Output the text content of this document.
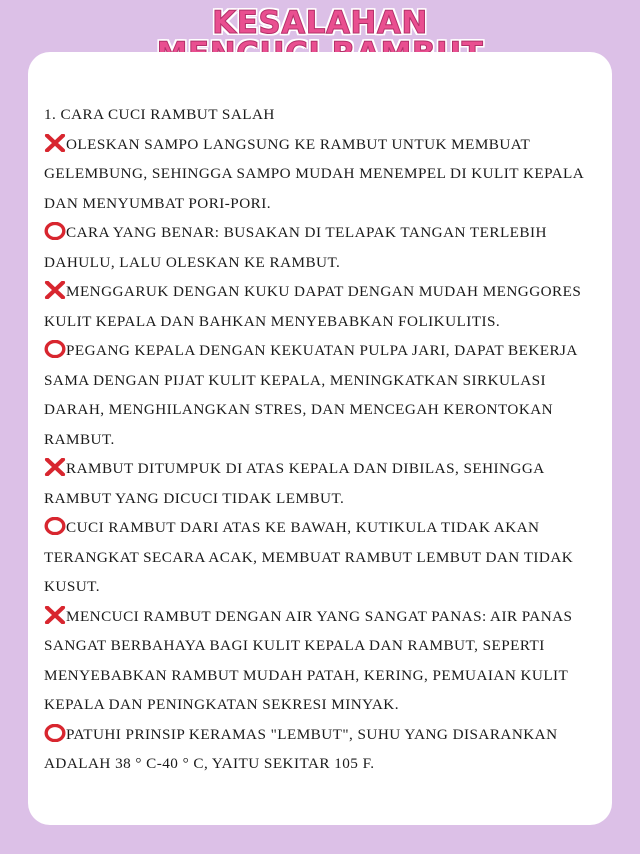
KESALAHAN
1. CARA CUCI RAMBUT SALAH
OLESKAN SAMPO LANGSUNG KE RAMBUT UNTUK MEMBUAT GELEMBUNG, SEHINGGA SAMPO MUDAH MENEMPEL DI KULIT KEPALA DAN MENYUMBAT PORI-PORI.
CARA YANG BENAR: BUSAKAN DI TELAPAK TANGAN TERLEBIH DAHULU, LALU OLESKAN KE RAMBUT.
MENGGARUK DENGAN KUKU DAPAT DENGAN MUDAH MENGGORES KULIT KEPALA DAN BAHKAN MENYEBABKAN FOLIKULITIS.
PEGANG KEPALA DENGAN KEKUATAN PULPA JARI, DAPAT BEKERJA SAMA DENGAN PIJAT KULIT KEPALA, MENINGKATKAN SIRKULASI DARAH, MENGHILANGKAN STRES, DAN MENCEGAH KERONTOKAN RAMBUT.
RAMBUT DITUMPUK DI ATAS KEPALA DAN DIBILAS, SEHINGGA RAMBUT YANG DICUCI TIDAK LEMBUT.
CUCI RAMBUT DARI ATAS KE BAWAH, KUTIKULA TIDAK AKAN TERANGKAT SECARA ACAK, MEMBUAT RAMBUT LEMBUT DAN TIDAK KUSUT.
MENCUCI RAMBUT DENGAN AIR YANG SANGAT PANAS: AIR PANAS SANGAT BERBAHAYA BAGI KULIT KEPALA DAN RAMBUT, SEPERTI MENYEBABKAN RAMBUT MUDAH PATAH, KERING, PEMUAIAN KULIT KEPALA DAN PENINGKATAN SEKRESI MINYAK.
PATUHI PRINSIP KERAMAS "LEMBUT", SUHU YANG DISARANKAN ADALAH 38 ° C-40 ° C, YAITU SEKITAR 105 F.
